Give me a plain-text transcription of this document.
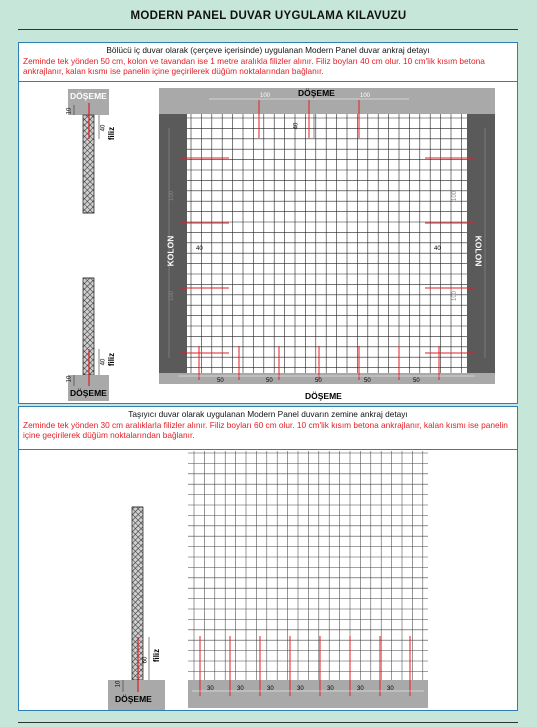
MODERN PANEL DUVAR UYGULAMA KILAVUZU
Bölücü iç duvar olarak (çerçeve içerisinde) uygulanan Modern Panel duvar ankraj detayı
Zeminde tek yönden 50 cm, kolon ve tavandan ise 1 metre aralıkla filizler alınır. Filiz boyları 40 cm olur. 10 cm'lik kısım betona ankrajlanır, kalan kısmı ise panelin içine geçirilerek düğüm noktalarından bağlanır.
DÖŞEME
10
40 filiz
40 filiz
10
DÖŞEME
DÖŞEME
DÖŞEME
KOLON	KOLON
100	100
40
40	40
100
100
100
100
50	50	50	50	50
Taşıyıcı duvar olarak uygulanan Modern Panel duvarın zemine ankraj detayı
Zeminde tek yönden 30 cm aralıklarla filizler alınır. Filiz boyları 60 cm olur. 10 cm'lik kısım betona ankrajlanır, kalan kısmı ise panelin içine geçirilerek düğüm noktalarından bağlanır.
60 filiz
10
DÖŞEME
30	30	30	30	30	30	30
